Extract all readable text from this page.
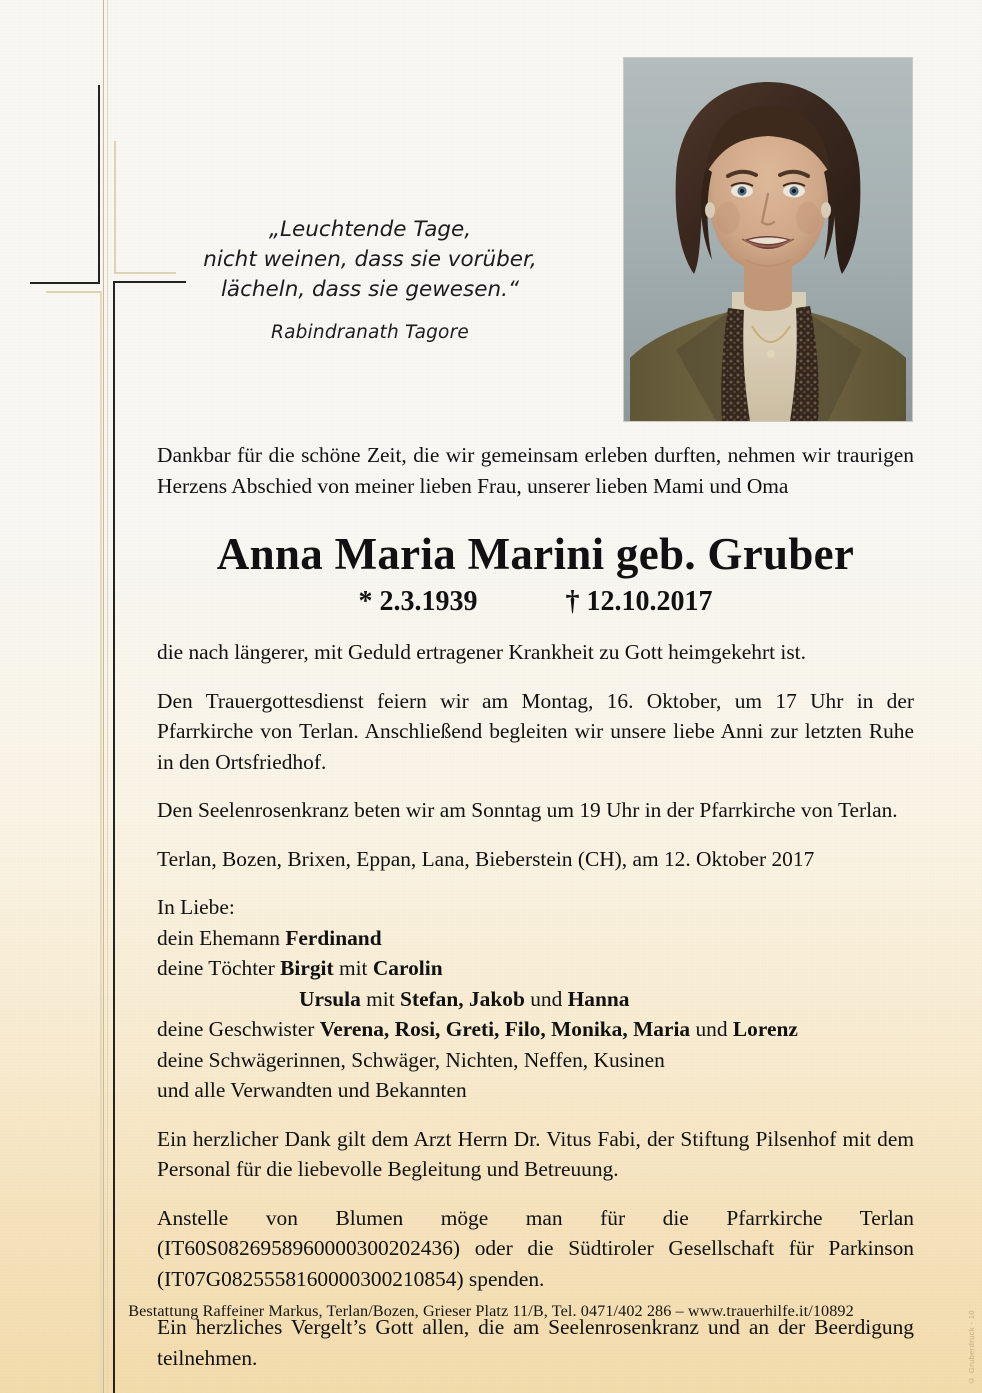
„Leuchtende Tage,
nicht weinen, dass sie vorüber,
lächeln, dass sie gewesen.“
Rabindranath Tagore

Dankbar für die schöne Zeit, die wir gemeinsam erleben durften, nehmen wir traurigen Herzens Abschied von meiner lieben Frau, unserer lieben Mami und Oma

Anna Maria Marini geb. Gruber
* 2.3.1939	† 12.10.2017

die nach längerer, mit Geduld ertragener Krankheit zu Gott heimgekehrt ist.

Den Trauergottesdienst feiern wir am Montag, 16. Oktober, um 17 Uhr in der Pfarrkirche von Terlan. Anschließend begleiten wir unsere liebe Anni zur letzten Ruhe in den Ortsfriedhof.

Den Seelenrosenkranz beten wir am Sonntag um 19 Uhr in der Pfarrkirche von Terlan.

Terlan, Bozen, Brixen, Eppan, Lana, Bieberstein (CH), am 12. Oktober 2017

In Liebe:
dein Ehemann Ferdinand
deine Töchter Birgit mit Carolin
Ursula mit Stefan, Jakob und Hanna
deine Geschwister Verena, Rosi, Greti, Filo, Monika, Maria und Lorenz
deine Schwägerinnen, Schwäger, Nichten, Neffen, Kusinen
und alle Verwandten und Bekannten

Ein herzlicher Dank gilt dem Arzt Herrn Dr. Vitus Fabi, der Stiftung Pilsenhof mit dem Personal für die liebevolle Begleitung und Betreuung.

Anstelle von Blumen möge man für die Pfarrkirche Terlan (IT60S0826958960000300202436) oder die Südtiroler Gesellschaft für Parkinson (IT07G0825558160000300210854) spenden.

Ein herzliches Vergelt’s Gott allen, die am Seelenrosenkranz und an der Beerdigung teilnehmen.

Bestattung Raffeiner Markus, Terlan/Bozen, Grieser Platz 11/B, Tel. 0471/402 286 – www.trauerhilfe.it/10892	© Gruberdruck - 10
